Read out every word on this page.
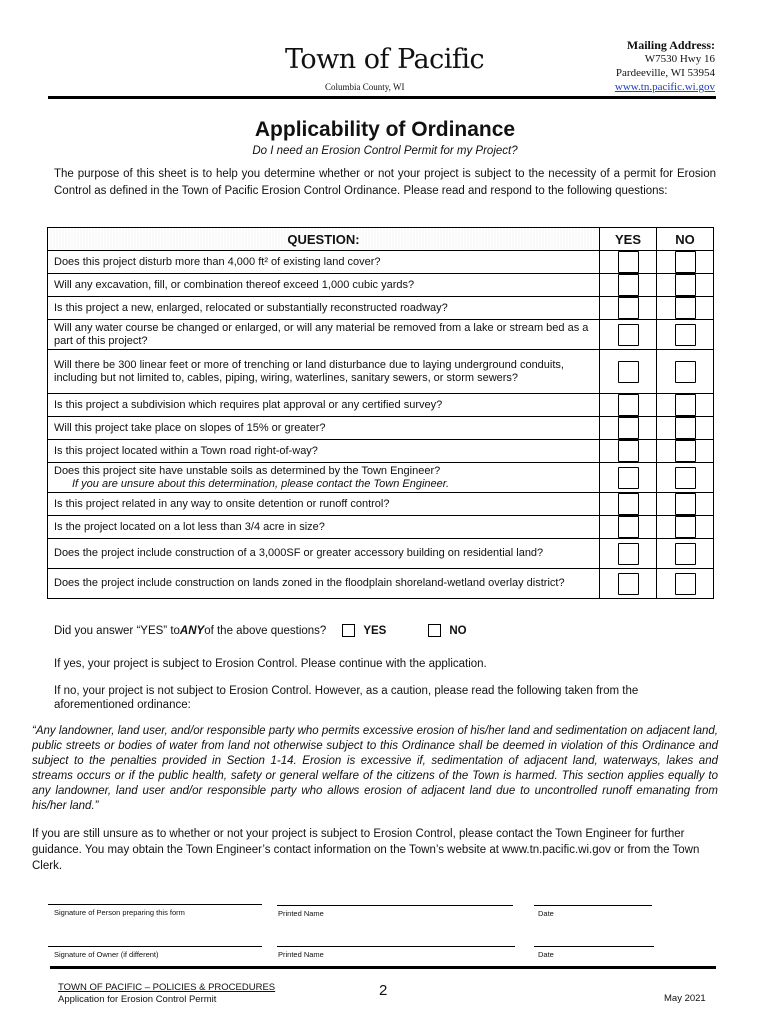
Town of Pacific
Columbia County, WI
Mailing Address:
W7530 Hwy 16
Pardeeville, WI 53954
www.tn.pacific.wi.gov
Applicability of Ordinance
Do I need an Erosion Control Permit for my Project?
The purpose of this sheet is to help you determine whether or not your project is subject to the necessity of a permit for Erosion Control as defined in the Town of Pacific Erosion Control Ordinance. Please read and respond to the following questions:
QUESTION:	YES	NO
Does this project disturb more than 4,000 ft² of existing land cover?		
Will any excavation, fill, or combination thereof exceed 1,000 cubic yards?		
Is this project a new, enlarged, relocated or substantially reconstructed roadway?		
Will any water course be changed or enlarged, or will any material be removed from a lake or stream bed as a part of this project?		
Will there be 300 linear feet or more of trenching or land disturbance due to laying underground conduits, including but not limited to, cables, piping, wiring, waterlines, sanitary sewers, or storm sewers?		
Is this project a subdivision which requires plat approval or any certified survey?		
Will this project take place on slopes of 15% or greater?		
Is this project located within a Town road right-of-way?		
Does this project site have unstable soils as determined by the Town Engineer?
If you are unsure about this determination, please contact the Town Engineer.		

Is this project related in any way to onsite detention or runoff control?		
Is the project located on a lot less than 3/4 acre in size?		
Does the project include construction of a 3,000SF or greater accessory building on residential land?		
Does the project include construction on lands zoned in the floodplain shoreland-wetland overlay district?		
Did you answer “YES” to ANY of the above questions?	YES	NO
If yes, your project is subject to Erosion Control. Please continue with the application.
If no, your project is not subject to Erosion Control. However, as a caution, please read the following taken from the aforementioned ordinance:
“Any landowner, land user, and/or responsible party who permits excessive erosion of his/her land and sedimentation on adjacent land, public streets or bodies of water from land not otherwise subject to this Ordinance shall be deemed in violation of this Ordinance and subject to the penalties provided in Section 1-14. Erosion is excessive if, sedimentation of adjacent land, waterways, lakes and streams occurs or if the public health, safety or general welfare of the citizens of the Town is harmed. This section applies equally to any landowner, land user and/or responsible party who allows erosion of adjacent land due to uncontrolled runoff emanating from his/her land.”
If you are still unsure as to whether or not your project is subject to Erosion Control, please contact the Town Engineer for further guidance. You may obtain the Town Engineer’s contact information on the Town’s website at www.tn.pacific.wi.gov or from the Town Clerk.
Signature of Person preparing this form	Printed Name	Date
Signature of Owner (if different)	Printed Name	Date
TOWN OF PACIFIC – POLICIES & PROCEDURES
Application for Erosion Control Permit
2	May 2021
